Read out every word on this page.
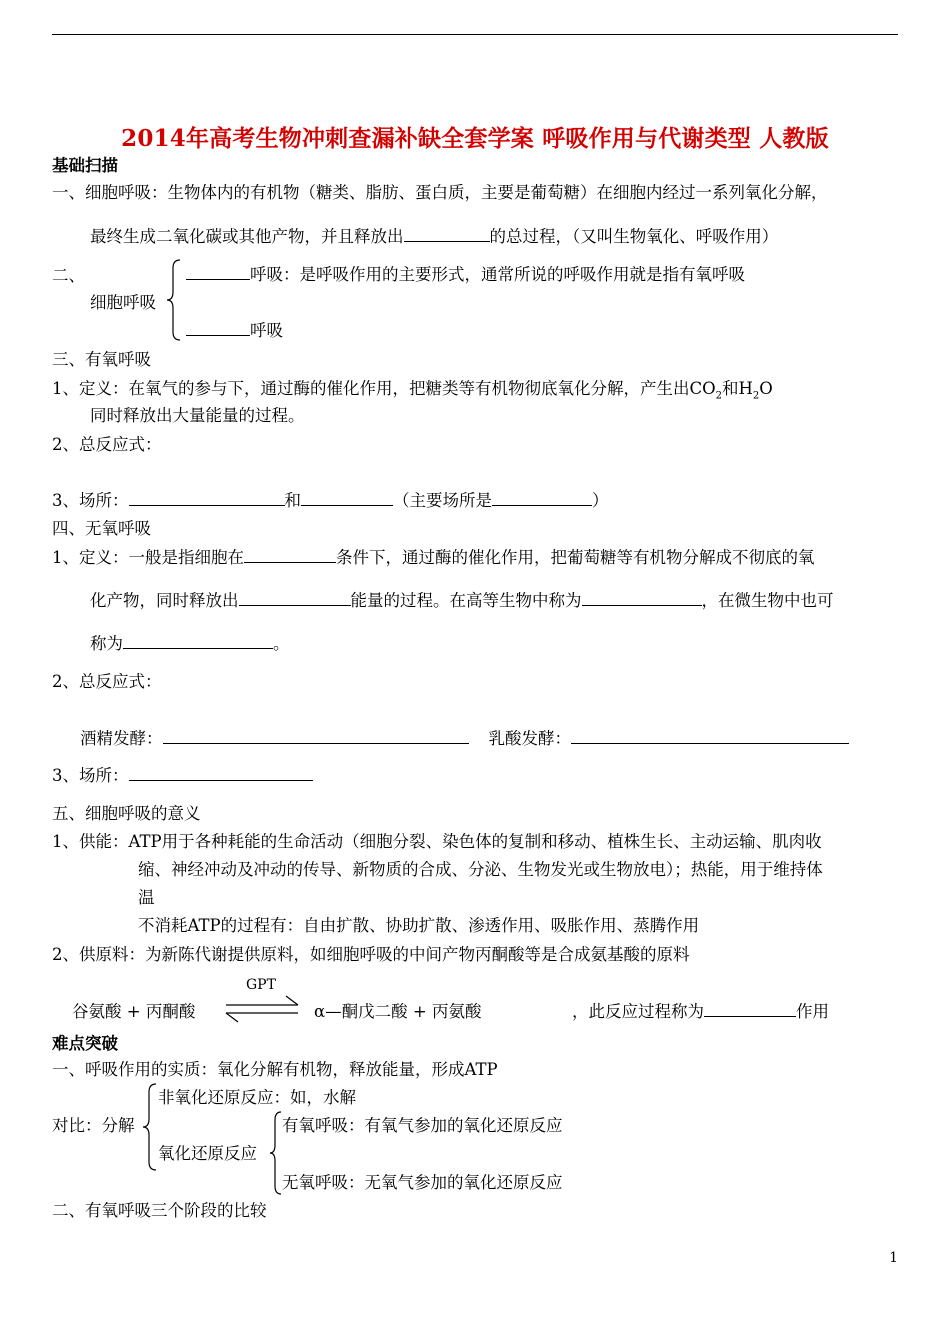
2014年高考生物冲刺查漏补缺全套学案 呼吸作用与代谢类型 人教版
基础扫描
一、细胞呼吸：生物体内的有机物（糖类、脂肪、蛋白质，主要是葡萄糖）在细胞内经过一系列氧化分解，
最终生成二氧化碳或其他产物，并且释放出	的总过程，（又叫生物氧化、呼吸作用）
二、
细胞呼吸
呼吸：是呼吸作用的主要形式，通常所说的呼吸作用就是指有氧呼吸
呼吸
三、有氧呼吸
1、定义：在氧气的参与下，通过酶的催化作用，把糖类等有机物彻底氧化分解，产生出$CO_2$和$H_2O$
同时释放出大量能量的过程。
2、总反应式：
3、场所：	和	（主要场所是	）
四、无氧呼吸
1、定义：一般是指细胞在	条件下，通过酶的催化作用，把葡萄糖等有机物分解成不彻底的氧
化产物，同时释放出	能量的过程。在高等生物中称为	，在微生物中也可
称为	。
2、总反应式：
酒精发酵：	乳酸发酵：
3、场所：
五、细胞呼吸的意义
1、供能：ATP用于各种耗能的生命活动（细胞分裂、染色体的复制和移动、植株生长、主动运输、肌肉收
缩、神经冲动及冲动的传导、新物质的合成、分泌、生物发光或生物放电）；热能，用于维持体
温
不消耗ATP的过程有：自由扩散、协助扩散、渗透作用、吸胀作用、蒸腾作用
2、供原料：为新陈代谢提供原料，如细胞呼吸的中间产物丙酮酸等是合成氨基酸的原料
GPT
谷氨酸 + 丙酮酸	α—酮戊二酸 + 丙氨酸	，此反应过程称为	作用
难点突破
一、呼吸作用的实质：氧化分解有机物，释放能量，形成ATP
非氧化还原反应：如，水解
对比：分解
氧化还原反应
有氧呼吸：有氧气参加的氧化还原反应
无氧呼吸：无氧气参加的氧化还原反应
二、有氧呼吸三个阶段的比较
1
